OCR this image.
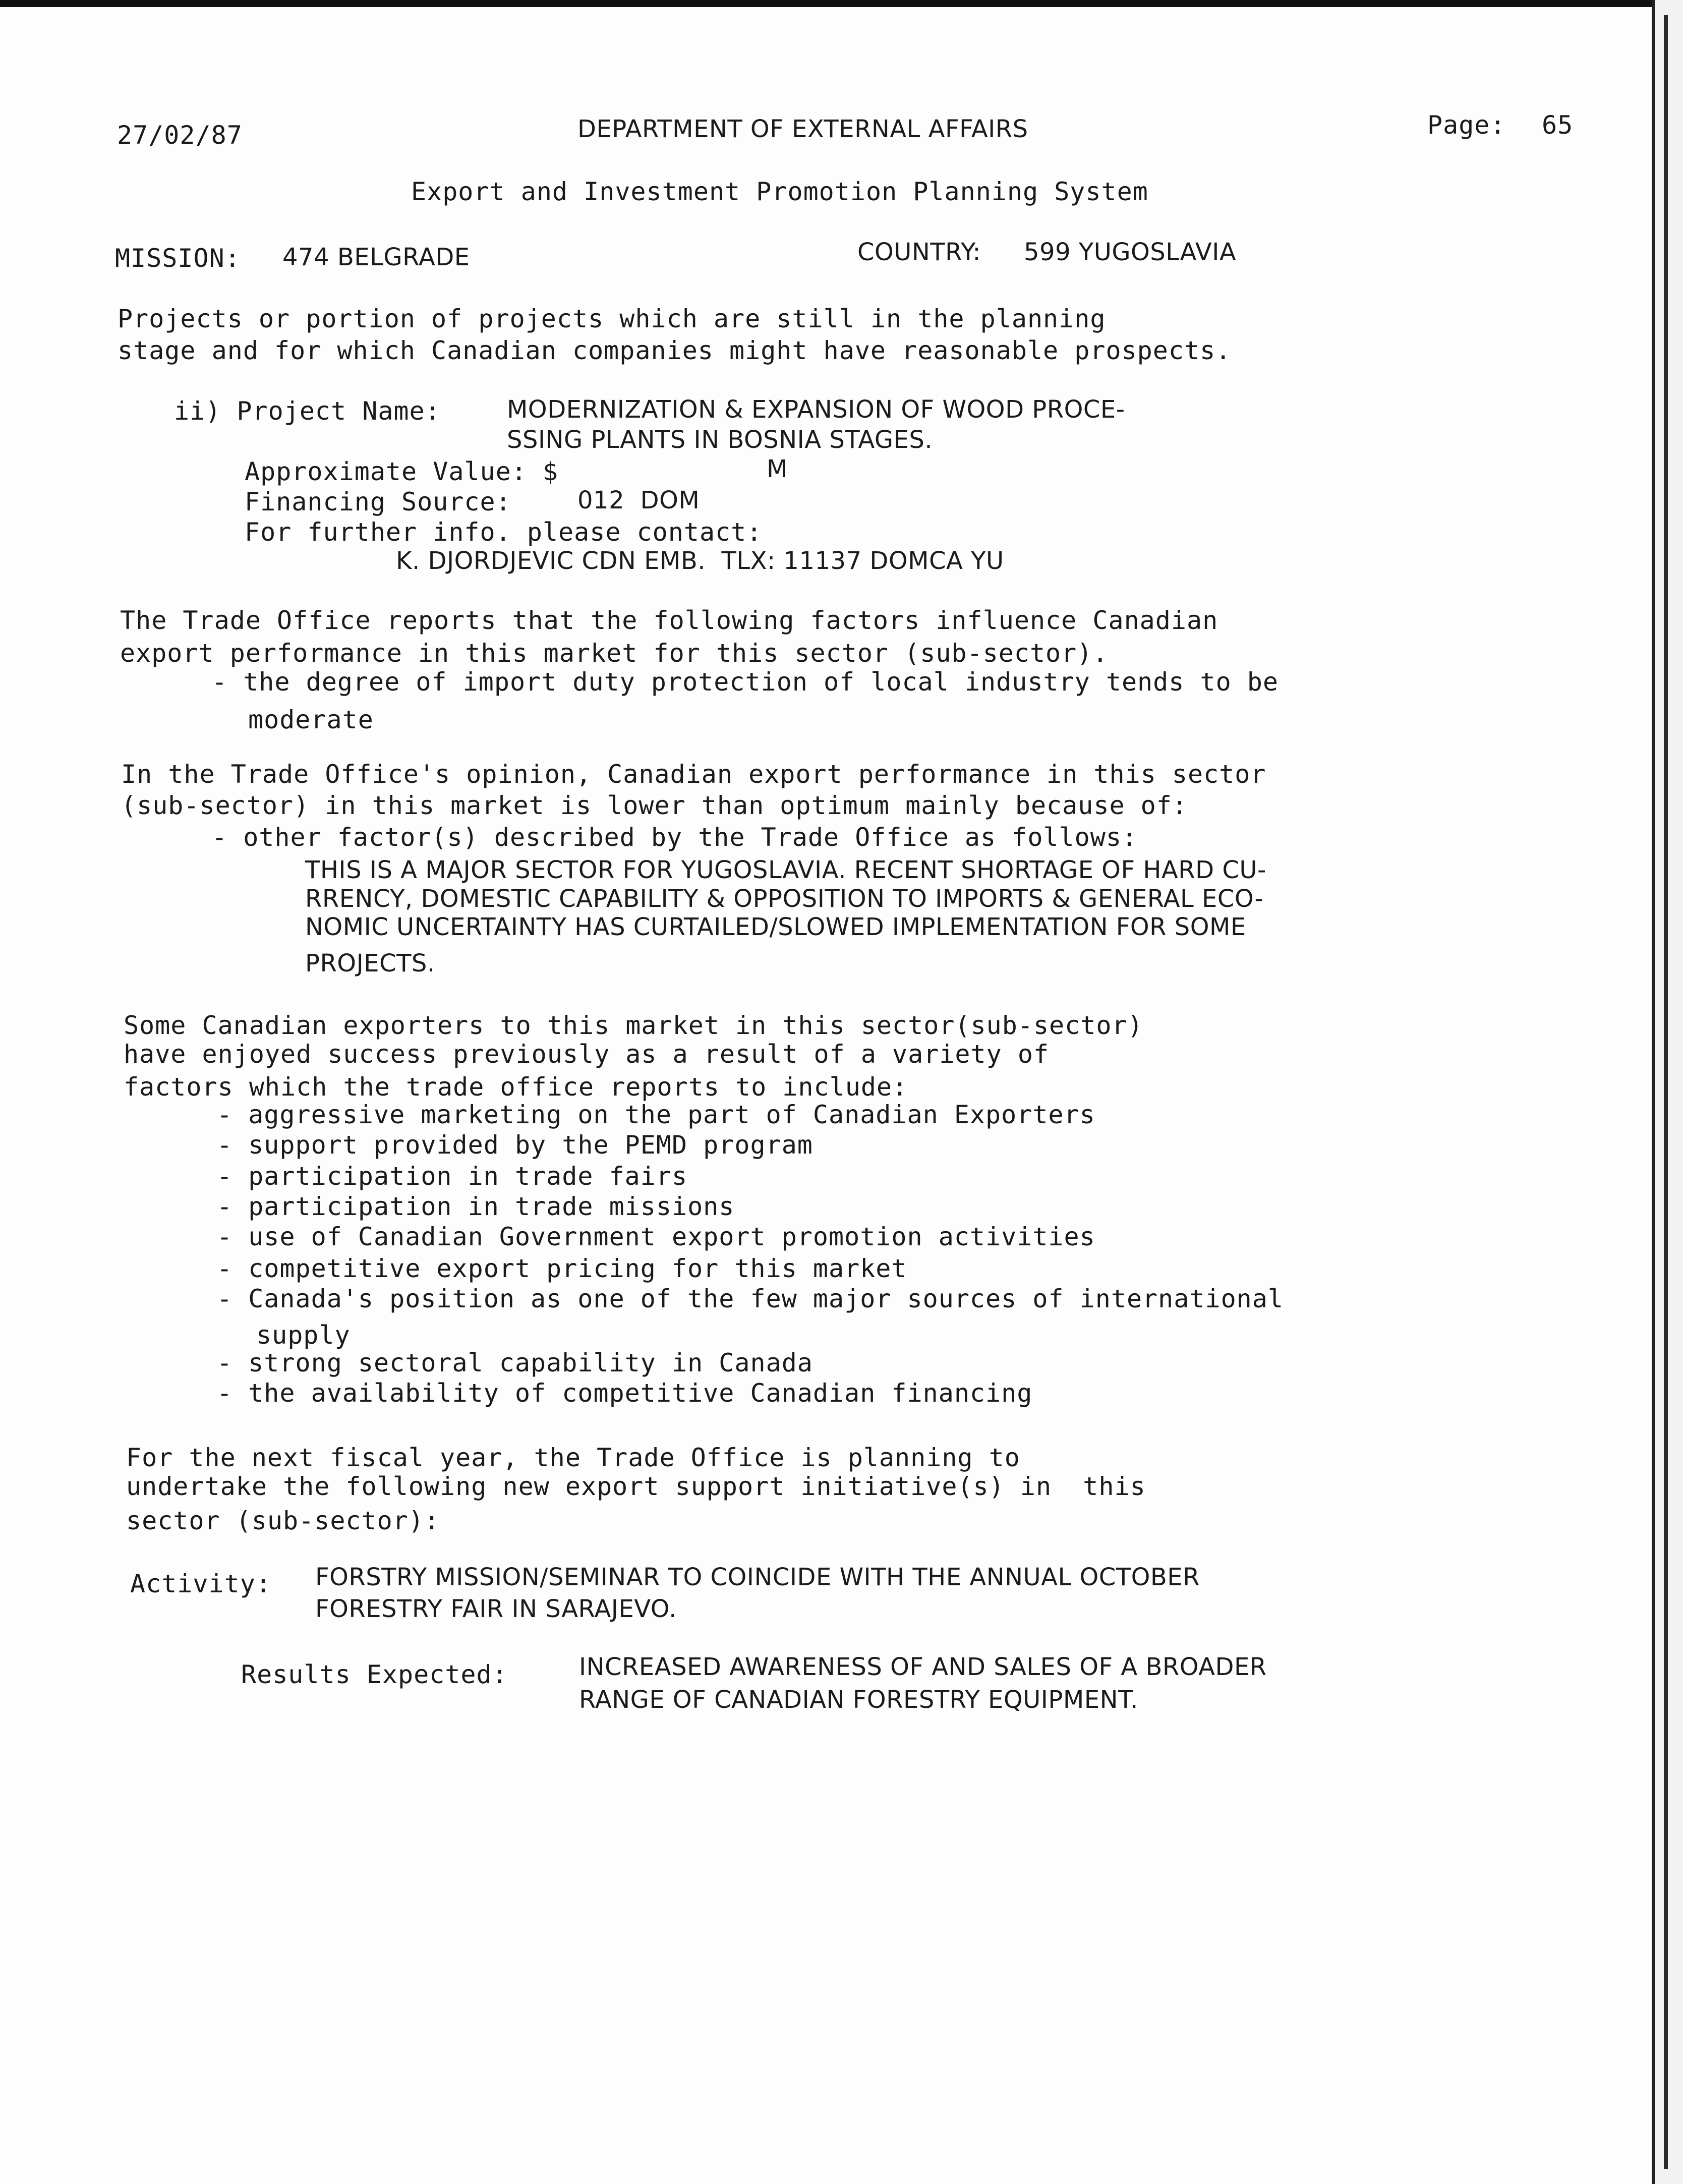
27/02/87	DEPARTMENT OF EXTERNAL AFFAIRS	Page: 65
Export and Investment Promotion Planning System
MISSION: 474 BELGRADE	COUNTRY: 599 YUGOSLAVIA
Projects or portion of projects which are still in the planning
stage and for which Canadian companies might have reasonable prospects.
ii) Project Name:	MODERNIZATION & EXPANSION OF WOOD PROCE-
SSING PLANTS IN BOSNIA STAGES.
Approximate Value: $	M
Financing Source:	012  DOM
For further info. please contact:
K. DJORDJEVIC CDN EMB.  TLX: 11137 DOMCA YU
The Trade Office reports that the following factors influence Canadian
export performance in this market for this sector (sub-sector).
- the degree of import duty protection of local industry tends to be
moderate
In the Trade Office's opinion, Canadian export performance in this sector
(sub-sector) in this market is lower than optimum mainly because of:
- other factor(s) described by the Trade Office as follows:
THIS IS A MAJOR SECTOR FOR YUGOSLAVIA. RECENT SHORTAGE OF HARD CU-
RRENCY, DOMESTIC CAPABILITY & OPPOSITION TO IMPORTS & GENERAL ECO-
NOMIC UNCERTAINTY HAS CURTAILED/SLOWED IMPLEMENTATION FOR SOME
PROJECTS.
Some Canadian exporters to this market in this sector(sub-sector)
have enjoyed success previously as a result of a variety of
factors which the trade office reports to include:
- aggressive marketing on the part of Canadian Exporters
- support provided by the PEMD program
- participation in trade fairs
- participation in trade missions
- use of Canadian Government export promotion activities
- competitive export pricing for this market
- Canada's position as one of the few major sources of international
supply
- strong sectoral capability in Canada
- the availability of competitive Canadian financing
For the next fiscal year, the Trade Office is planning to
undertake the following new export support initiative(s) in  this
sector (sub-sector):
Activity: FORSTRY MISSION/SEMINAR TO COINCIDE WITH THE ANNUAL OCTOBER
FORESTRY FAIR IN SARAJEVO.
Results Expected:	INCREASED AWARENESS OF AND SALES OF A BROADER
RANGE OF CANADIAN FORESTRY EQUIPMENT.
